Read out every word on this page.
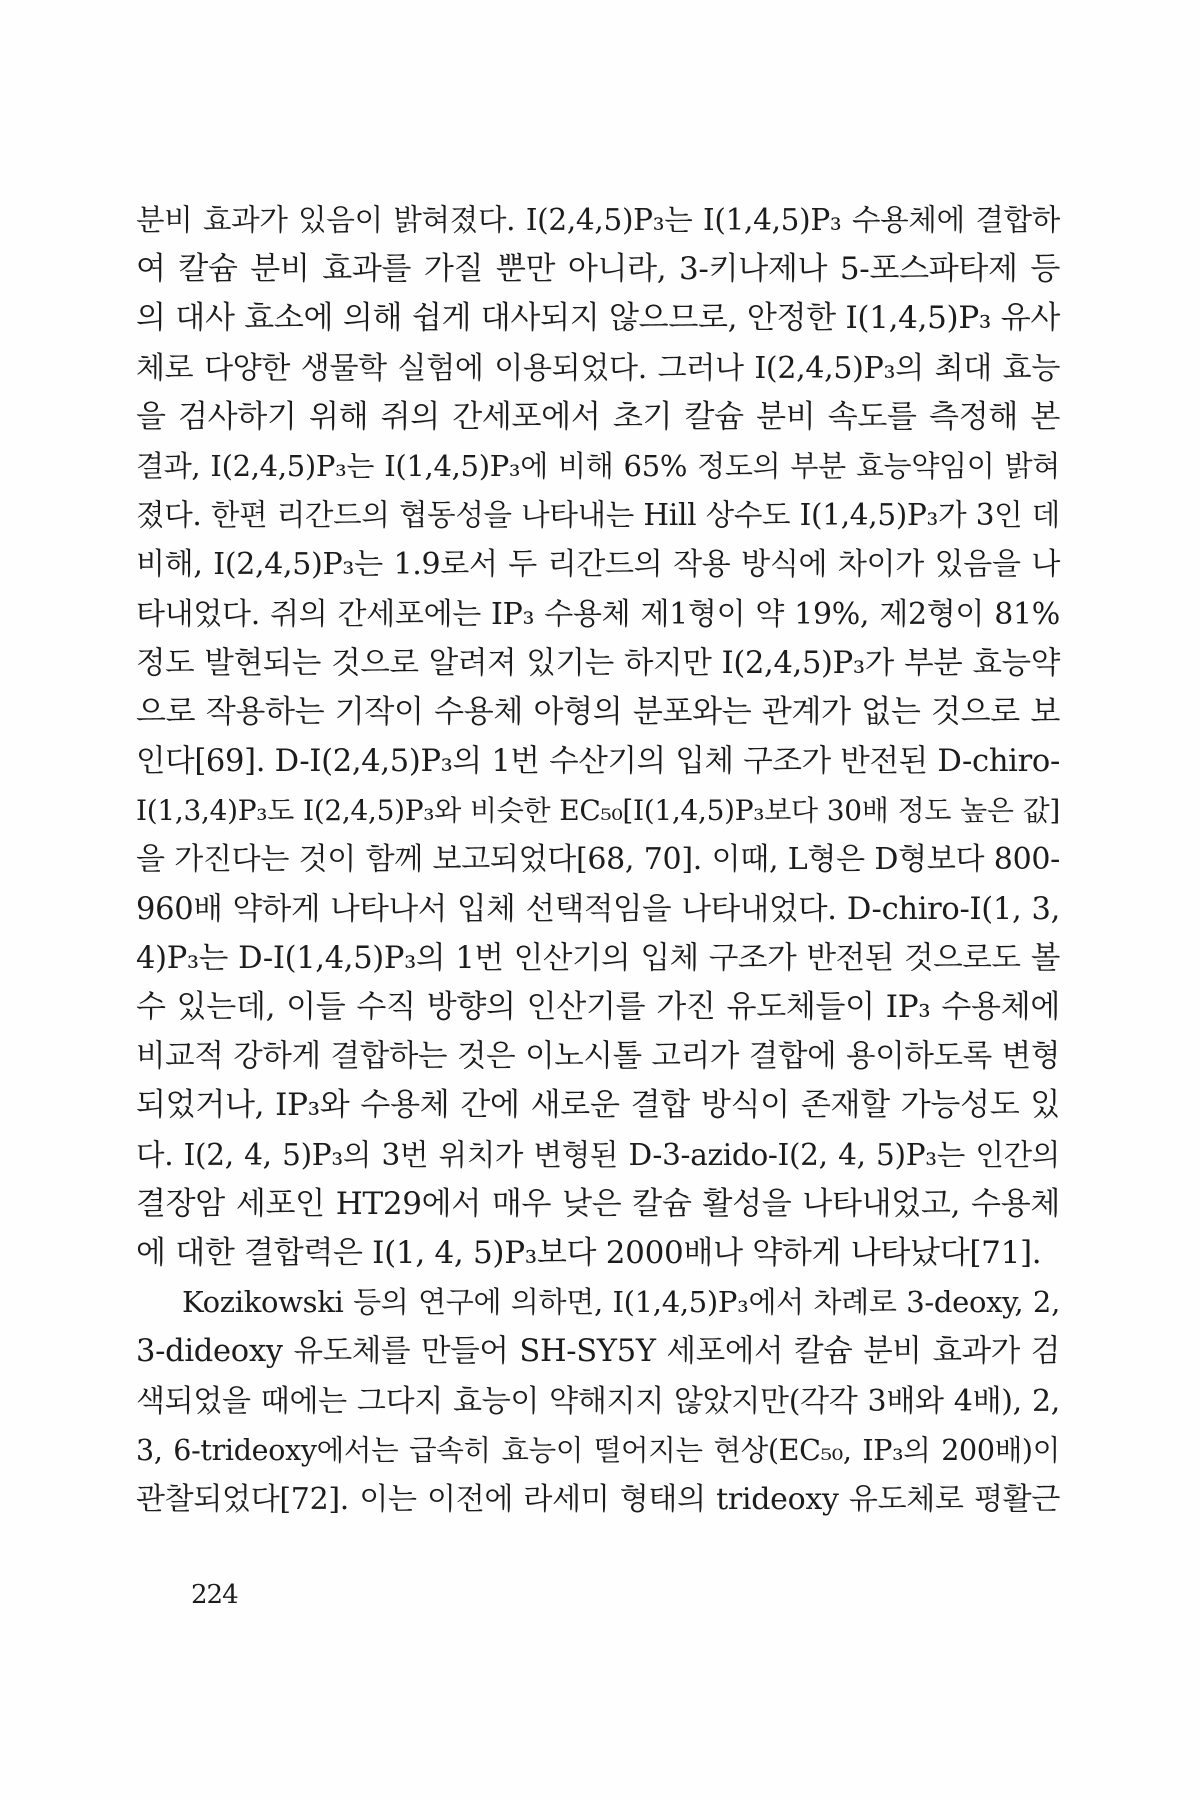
분비 효과가 있음이 밝혀졌다. I(2,4,5)P₃는 I(1,4,5)P₃ 수용체에 결합하
여 칼슘 분비 효과를 가질 뿐만 아니라, 3-키나제나 5-포스파타제 등
의 대사 효소에 의해 쉽게 대사되지 않으므로, 안정한 I(1,4,5)P₃ 유사
체로 다양한 생물학 실험에 이용되었다. 그러나 I(2,4,5)P₃의 최대 효능
을 검사하기 위해 쥐의 간세포에서 초기 칼슘 분비 속도를 측정해 본
결과, I(2,4,5)P₃는 I(1,4,5)P₃에 비해 65% 정도의 부분 효능약임이 밝혀
졌다. 한편 리간드의 협동성을 나타내는 Hill 상수도 I(1,4,5)P₃가 3인 데
비해, I(2,4,5)P₃는 1.9로서 두 리간드의 작용 방식에 차이가 있음을 나
타내었다. 쥐의 간세포에는 IP₃ 수용체 제1형이 약 19%, 제2형이 81%
정도 발현되는 것으로 알려져 있기는 하지만 I(2,4,5)P₃가 부분 효능약
으로 작용하는 기작이 수용체 아형의 분포와는 관계가 없는 것으로 보
인다[69]. D-I(2,4,5)P₃의 1번 수산기의 입체 구조가 반전된 D-chiro-
I(1,3,4)P₃도 I(2,4,5)P₃와 비슷한 EC₅₀[I(1,4,5)P₃보다 30배 정도 높은 값]
을 가진다는 것이 함께 보고되었다[68, 70]. 이때, L형은 D형보다 800-
960배 약하게 나타나서 입체 선택적임을 나타내었다. D-chiro-I(1, 3,
4)P₃는 D-I(1,4,5)P₃의 1번 인산기의 입체 구조가 반전된 것으로도 볼
수 있는데, 이들 수직 방향의 인산기를 가진 유도체들이 IP₃ 수용체에
비교적 강하게 결합하는 것은 이노시톨 고리가 결합에 용이하도록 변형
되었거나, IP₃와 수용체 간에 새로운 결합 방식이 존재할 가능성도 있
다. I(2, 4, 5)P₃의 3번 위치가 변형된 D-3-azido-I(2, 4, 5)P₃는 인간의
결장암 세포인 HT29에서 매우 낮은 칼슘 활성을 나타내었고, 수용체
에 대한 결합력은 I(1, 4, 5)P₃보다 2000배나 약하게 나타났다[71].
Kozikowski 등의 연구에 의하면, I(1,4,5)P₃에서 차례로 3-deoxy, 2,
3-dideoxy 유도체를 만들어 SH-SY5Y 세포에서 칼슘 분비 효과가 검
색되었을 때에는 그다지 효능이 약해지지 않았지만(각각 3배와 4배), 2,
3, 6-trideoxy에서는 급속히 효능이 떨어지는 현상(EC₅₀, IP₃의 200배)이
관찰되었다[72]. 이는 이전에 라세미 형태의 trideoxy 유도체로 평활근
224
